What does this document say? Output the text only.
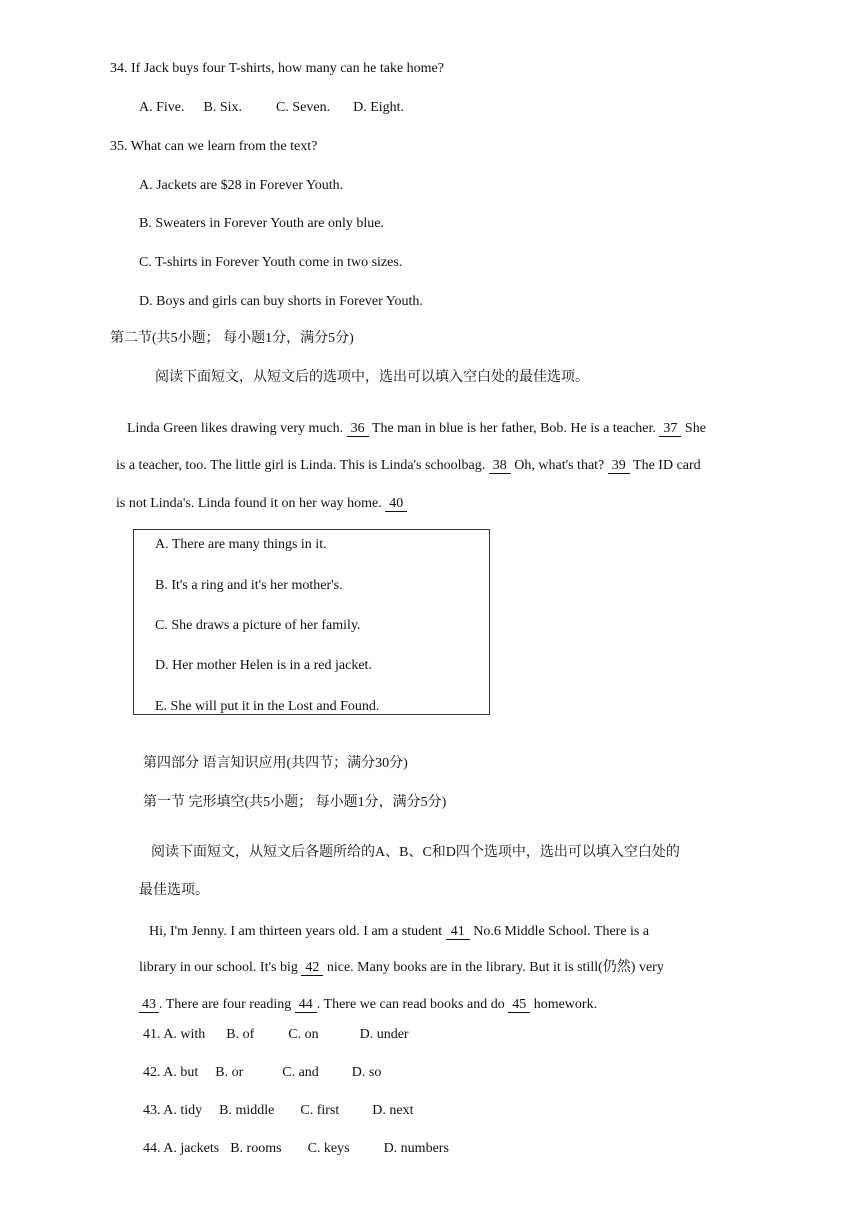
34. If Jack buys four T-shirts, how many can he take home?
A. Five. B. Six. C. Seven. D. Eight.
35. What can we learn from the text?
A. Jackets are $28 in Forever Youth.
B. Sweaters in Forever Youth are only blue.
C. T-shirts in Forever Youth come in two sizes.
D. Boys and girls can buy shorts in Forever Youth.
第二节(共5小题； 每小题1分，满分5分)
阅读下面短文，从短文后的选项中，选出可以填入空白处的最佳选项。
Linda Green likes drawing very much. 36 The man in blue is her father, Bob. He is a teacher. 37 She
is a teacher, too. The little girl is Linda. This is Linda's schoolbag. 38 Oh, what's that? 39 The ID card
is not Linda's. Linda found it on her way home. 40
A. There are many things in it.
B. It's a ring and it's her mother's.
C. She draws a picture of her family.
D. Her mother Helen is in a red jacket.
E. She will put it in the Lost and Found.
第四部分 语言知识应用(共四节；满分30分)
第一节 完形填空(共5小题； 每小题1分，满分5分)
阅读下面短文，从短文后各题所给的A、B、C和D四个选项中，选出可以填入空白处的
最佳选项。
Hi, I'm Jenny. I am thirteen years old. I am a student 41 No.6 Middle School. There is a
library in our school. It's big 42 nice. Many books are in the library. But it is still(仍然) very
43 . There are four reading 44 . There we can read books and do 45 homework.
41. A. with B. of C. on	D. under
42. A. but B. or	C. and D. so
43. A. tidy B. middle C. first D. next
44. A. jackets B. rooms C. keys D. numbers
